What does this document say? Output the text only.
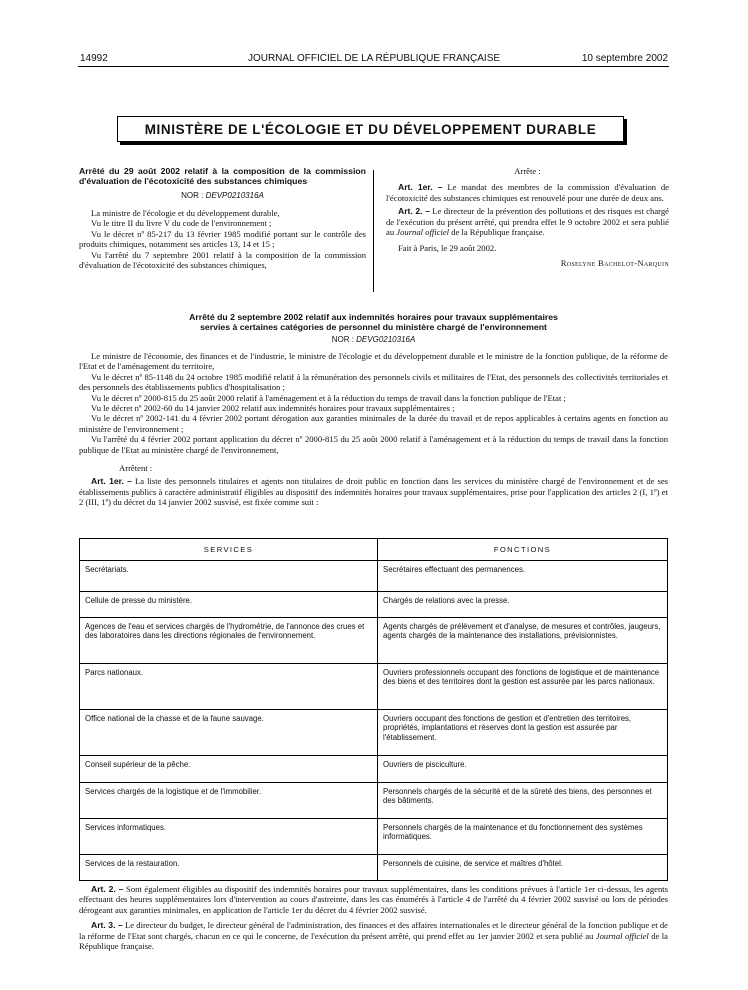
14992	JOURNAL OFFICIEL DE LA RÉPUBLIQUE FRANÇAISE	10 septembre 2002
MINISTÈRE DE L'ÉCOLOGIE ET DU DÉVELOPPEMENT DURABLE

Arrêté du 29 août 2002 relatif à la composition de la commission d'évaluation de l'écotoxicité des substances chimiques

NOR : DEVP0210316A

La ministre de l'écologie et du développement durable,

Vu le titre II du livre V du code de l'environnement ;

Vu le décret nº 85-217 du 13 février 1985 modifié portant sur le contrôle des produits chimiques, notamment ses articles 13, 14 et 15 ;

Vu l'arrêté du 7 septembre 2001 relatif à la composition de la commission d'évaluation de l'écotoxicité des substances chimiques,

Arrête :

Art. 1er. – Le mandat des membres de la commission d'évaluation de l'écotoxicité des substances chimiques est renouvelé pour une durée de deux ans.

Art. 2. – Le directeur de la prévention des pollutions et des risques est chargé de l'exécution du présent arrêté, qui prendra effet le 9 octobre 2002 et sera publié au Journal officiel de la République française.

Fait à Paris, le 29 août 2002.

Roselyne Bachelot-Narquin

Arrêté du 2 septembre 2002 relatif aux indemnités horaires pour travaux supplémentaires

servies à certaines catégories de personnel du ministère chargé de l'environnement

NOR : DEVG0210316A

Le ministre de l'économie, des finances et de l'industrie, le ministre de l'écologie et du développement durable et le ministre de la fonction publique, de la réforme de l'Etat et de l'aménagement du territoire,

Vu le décret nº 85-1148 du 24 octobre 1985 modifié relatif à la rémunération des personnels civils et militaires de l'Etat, des personnels des collectivités territoriales et des personnels des établissements publics d'hospitalisation ;

Vu le décret nº 2000-815 du 25 août 2000 relatif à l'aménagement et à la réduction du temps de travail dans la fonction publique de l'Etat ;

Vu le décret nº 2002-60 du 14 janvier 2002 relatif aux indemnités horaires pour travaux supplémentaires ;

Vu le décret nº 2002-141 du 4 février 2002 portant dérogation aux garanties minimales de la durée du travail et de repos applicables à certains agents en fonction au ministère de l'environnement ;

Vu l'arrêté du 4 février 2002 portant application du décret nº 2000-815 du 25 août 2000 relatif à l'aménagement et à la réduction du temps de travail dans la fonction publique de l'Etat au ministère chargé de l'environnement,

Arrêtent :

Art. 1er. – La liste des personnels titulaires et agents non titulaires de droit public en fonction dans les services du ministère chargé de l'environnement et de ses établissements publics à caractère administratif éligibles au dispositif des indemnités horaires pour travaux supplémentaires, prise pour l'application des articles 2 (I, 1º) et 2 (III, 1º) du décret du 14 janvier 2002 susvisé, est fixée comme suit :

SERVICES	FONCTIONS
Secrétariats.	Secrétaires effectuant des permanences.
Cellule de presse du ministère.	Chargés de relations avec la presse.
Agences de l'eau et services chargés de l'hydrométrie, de l'annonce des crues et des laboratoires dans les directions régionales de l'environnement.	Agents chargés de prélèvement et d'analyse, de mesures et contrôles, jaugeurs, agents chargés de la maintenance des installations, prévisionnistes.
Parcs nationaux.	Ouvriers professionnels occupant des fonctions de logistique et de maintenance des biens et des territoires dont la gestion est assurée par les parcs nationaux.
Office national de la chasse et de la faune sauvage.	Ouvriers occupant des fonctions de gestion et d'entretien des territoires, propriétés, implantations et réserves dont la gestion est assurée par l'établissement.
Conseil supérieur de la pêche.	Ouvriers de pisciculture.
Services chargés de la logistique et de l'immobilier.	Personnels chargés de la sécurité et de la sûreté des biens, des personnes et des bâtiments.
Services informatiques.	Personnels chargés de la maintenance et du fonctionnement des systèmes informatiques.
Services de la restauration.	Personnels de cuisine, de service et maîtres d'hôtel.

Art. 2. – Sont également éligibles au dispositif des indemnités horaires pour travaux supplémentaires, dans les conditions prévues à l'article 1er ci-dessus, les agents effectuant des heures supplémentaires lors d'intervention au cours d'astreinte, dans les cas énumérés à l'article 4 de l'arrêté du 4 février 2002 susvisé ou lors de périodes dérogeant aux garanties minimales, en application de l'article 1er du décret du 4 février 2002 susvisé.

Art. 3. – Le directeur du budget, le directeur général de l'administration, des finances et des affaires internationales et le directeur général de la fonction publique et de la réforme de l'Etat sont chargés, chacun en ce qui le concerne, de l'exécution du présent arrêté, qui prend effet au 1er janvier 2002 et sera publié au Journal officiel de la République française.
